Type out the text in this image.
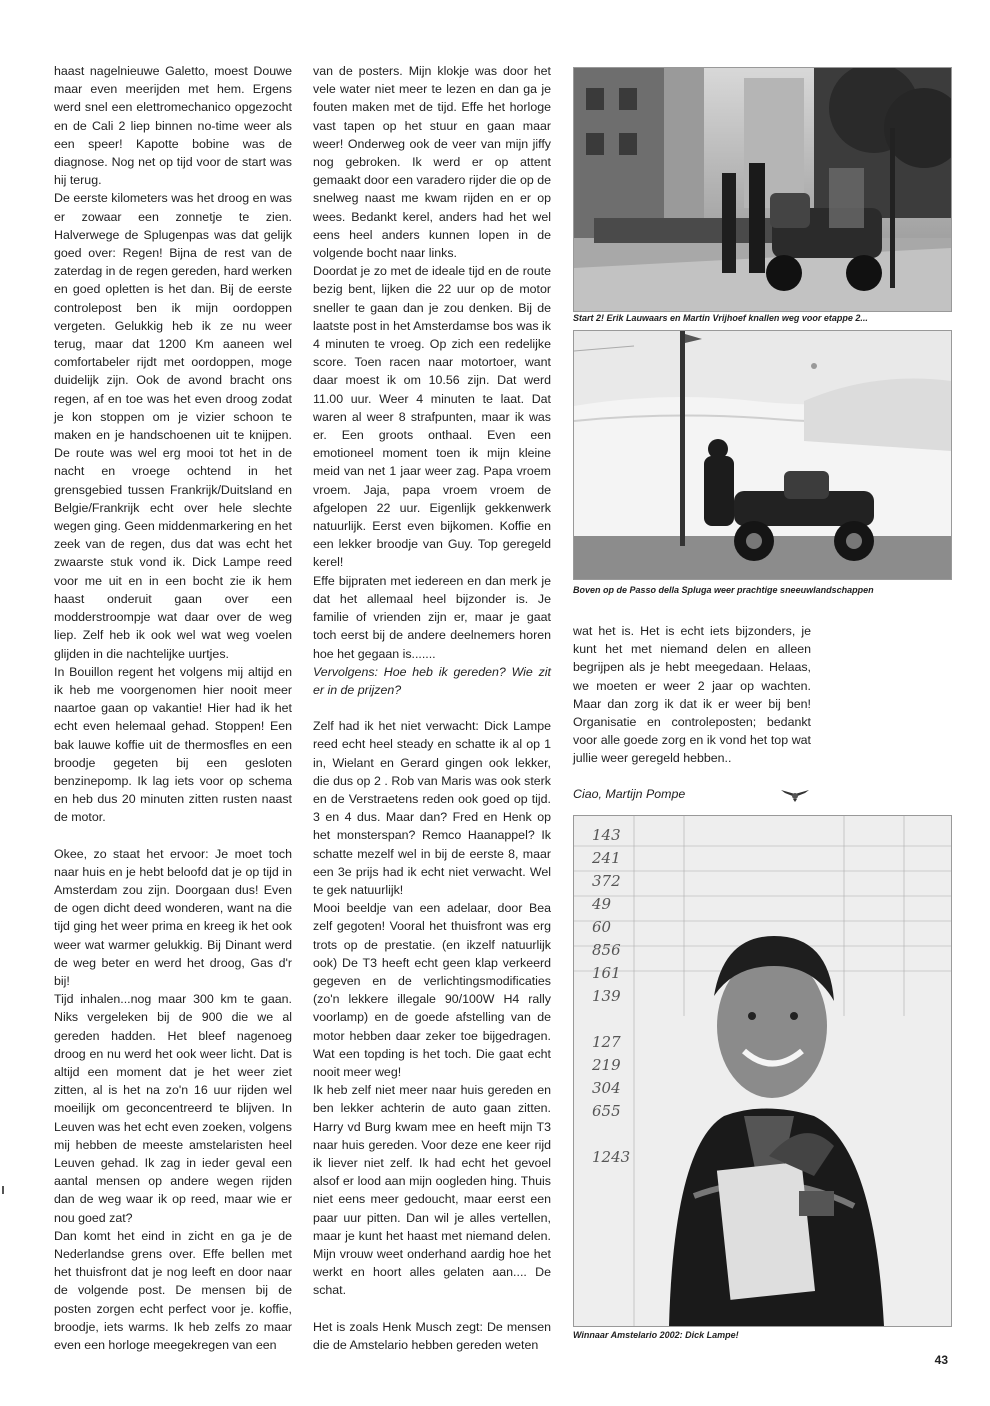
haast nagelnieuwe Galetto, moest Douwe maar even meerijden met hem. Ergens werd snel een elettromechanico opgezocht en de Cali 2 liep binnen no-time weer als een speer! Kapotte bobine was de diagnose. Nog net op tijd voor de start was hij terug.

De eerste kilometers was het droog en was er zowaar een zonnetje te zien. Halverwege de Splugenpas was dat gelijk goed over: Regen! Bijna de rest van de zaterdag in de regen gereden, hard werken en goed opletten is het dan. Bij de eerste controlepost ben ik mijn oordoppen vergeten. Gelukkig heb ik ze nu weer terug, maar dat 1200 Km aaneen wel comfortabeler rijdt met oordoppen, moge duidelijk zijn. Ook de avond bracht ons regen, af en toe was het even droog zodat je kon stoppen om je vizier schoon te maken en je handschoenen uit te knijpen. De route was wel erg mooi tot het in de nacht en vroege ochtend in het grensgebied tussen Frankrijk/Duitsland en Belgie/Frankrijk echt over hele slechte wegen ging. Geen middenmarkering en het zeek van de regen, dus dat was echt het zwaarste stuk vond ik. Dick Lampe reed voor me uit en in een bocht zie ik hem haast onderuit gaan over een modderstroompje wat daar over de weg liep. Zelf heb ik ook wel wat weg voelen glijden in die nachtelijke uurtjes.

In Bouillon regent het volgens mij altijd en ik heb me voorgenomen hier nooit meer naartoe gaan op vakantie! Hier had ik het echt even helemaal gehad. Stoppen! Een bak lauwe koffie uit de thermosfles en een broodje gegeten bij een gesloten benzinepomp. Ik lag iets voor op schema en heb dus 20 minuten zitten rusten naast de motor.

Okee, zo staat het ervoor: Je moet toch naar huis en je hebt beloofd dat je op tijd in Amsterdam zou zijn. Doorgaan dus! Even de ogen dicht deed wonderen, want na die tijd ging het weer prima en kreeg ik het ook weer wat warmer gelukkig. Bij Dinant werd de weg beter en werd het droog, Gas d'r bij!

Tijd inhalen...nog maar 300 km te gaan. Niks vergeleken bij de 900 die we al gereden hadden. Het bleef nagenoeg droog en nu werd het ook weer licht. Dat is altijd een moment dat je het weer ziet zitten, al is het na zo'n 16 uur rijden wel moeilijk om geconcentreerd te blijven. In Leuven was het echt even zoeken, volgens mij hebben de meeste amstelaristen heel Leuven gehad. Ik zag in ieder geval een aantal mensen op andere wegen rijden dan de weg waar ik op reed, maar wie er nou goed zat?

Dan komt het eind in zicht en ga je de Nederlandse grens over. Effe bellen met het thuisfront dat je nog leeft en door naar de volgende post. De mensen bij de posten zorgen echt perfect voor je. koffie, broodje, iets warms. Ik heb zelfs zo maar even een horloge meegekregen van een

van de posters. Mijn klokje was door het vele water niet meer te lezen en dan ga je fouten maken met de tijd. Effe het horloge vast tapen op het stuur en gaan maar weer! Onderweg ook de veer van mijn jiffy nog gebroken. Ik werd er op attent gemaakt door een varadero rijder die op de snelweg naast me kwam rijden en er op wees. Bedankt kerel, anders had het wel eens heel anders kunnen lopen in de volgende bocht naar links.

Doordat je zo met de ideale tijd en de route bezig bent, lijken die 22 uur op de motor sneller te gaan dan je zou denken. Bij de laatste post in het Amsterdamse bos was ik 4 minuten te vroeg. Op zich een redelijke score. Toen racen naar motortoer, want daar moest ik om 10.56 zijn. Dat werd 11.00 uur. Weer 4 minuten te laat. Dat waren al weer 8 strafpunten, maar ik was er. Een groots onthaal. Even een emotioneel moment toen ik mijn kleine meid van net 1 jaar weer zag. Papa vroem vroem. Jaja, papa vroem vroem de afgelopen 22 uur. Eigenlijk gekkenwerk natuurlijk. Eerst even bijkomen. Koffie en een lekker broodje van Guy. Top geregeld kerel!

Effe bijpraten met iedereen en dan merk je dat het allemaal heel bijzonder is. Je familie of vrienden zijn er, maar je gaat toch eerst bij de andere deelnemers horen hoe het gegaan is.......

Vervolgens: Hoe heb ik gereden? Wie zit er in de prijzen?

Zelf had ik het niet verwacht: Dick Lampe reed echt heel steady en schatte ik al op 1 in, Wielant en Gerard gingen ook lekker, die dus op 2 . Rob van Maris was ook sterk en de Verstraetens reden ook goed op tijd. 3 en 4 dus. Maar dan? Fred en Henk op het monsterspan? Remco Haanappel? Ik schatte mezelf wel in bij de eerste 8, maar een 3e prijs had ik echt niet verwacht. Wel te gek natuurlijk!

Mooi beeldje van een adelaar, door Bea zelf gegoten! Vooral het thuisfront was erg trots op de prestatie. (en ikzelf natuurlijk ook) De T3 heeft echt geen klap verkeerd gegeven en de verlichtingsmodificaties (zo'n lekkere illegale 90/100W H4 rally voorlamp) en de goede afstelling van de motor hebben daar zeker toe bijgedragen. Wat een topding is het toch. Die gaat echt nooit meer weg!

Ik heb zelf niet meer naar huis gereden en ben lekker achterin de auto gaan zitten. Harry vd Burg kwam mee en heeft mijn T3 naar huis gereden. Voor deze ene keer rijd ik liever niet zelf. Ik had echt het gevoel alsof er lood aan mijn oogleden hing. Thuis niet eens meer gedoucht, maar eerst een paar uur pitten. Dan wil je alles vertellen, maar je kunt het haast met niemand delen. Mijn vrouw weet onderhand aardig hoe het werkt en hoort alles gelaten aan.... De schat.

Het is zoals Henk Musch zegt: De mensen die de Amstelario hebben gereden weten

Start 2! Erik Lauwaars en Martin Vrijhoef knallen weg voor etappe 2...
Boven op de Passo della Spluga weer prachtige sneeuwlandschappen

wat het is. Het is echt iets bijzonders, je kunt het met niemand delen en alleen begrijpen als je hebt meegedaan. Helaas, we moeten er weer 2 jaar op wachten. Maar dan zorg ik dat ik er weer bij ben! Organisatie en controleposten; bedankt voor alle goede zorg en ik vond het top wat jullie weer geregeld hebben..

Ciao, Martijn Pompe
143
241
372
49
60
856
161
139
127
219
304
655
1243
Winnaar Amstelario 2002: Dick Lampe!
43
